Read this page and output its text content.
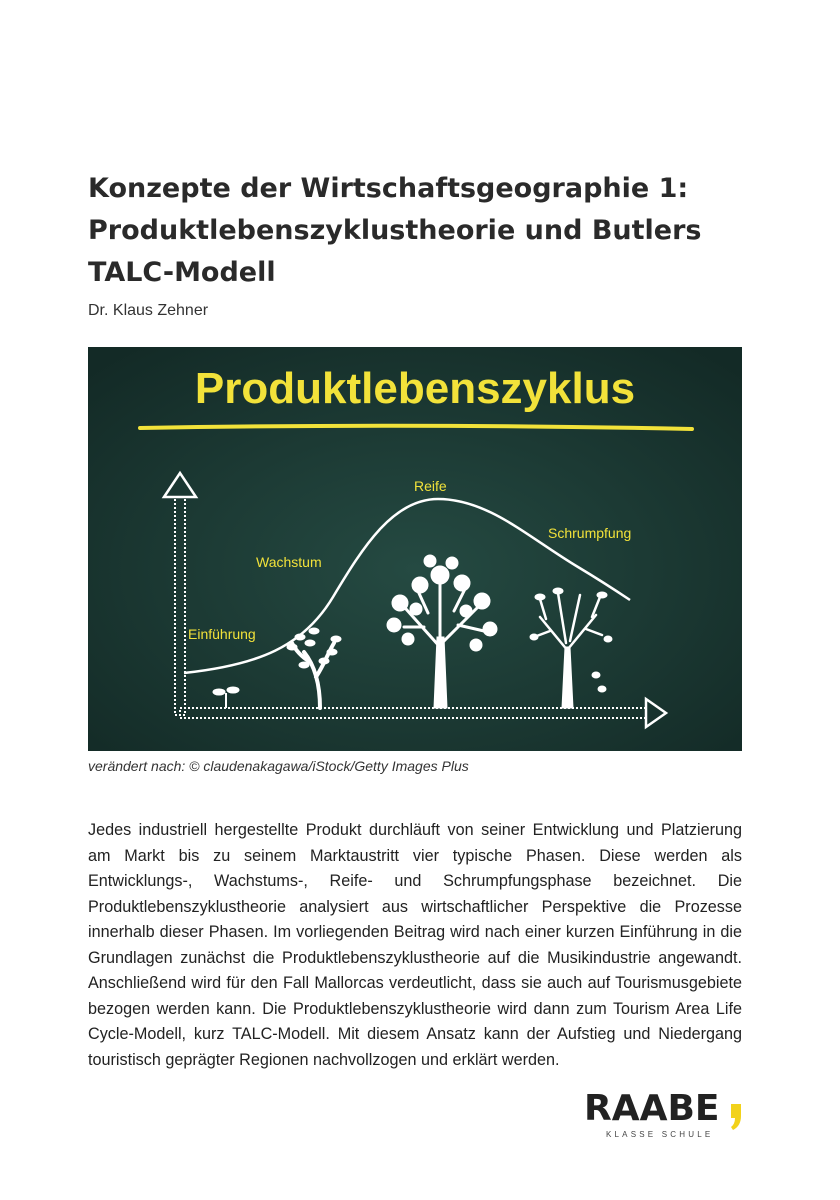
Konzepte der Wirtschaftsgeographie 1:
Produktlebenszyklustheorie und Butlers
TALC-Modell
Dr. Klaus Zehner
Produktlebenszyklus
Einführung
Wachstum
Reife
Schrumpfung
verändert nach: © claudenakagawa/iStock/Getty Images Plus

Jedes industriell hergestellte Produkt durchläuft von seiner Entwicklung und Platzierung am Markt bis zu seinem Marktaustritt vier typische Phasen. Diese werden als Entwicklungs-, Wachstums-, Reife- und Schrumpfungsphase bezeichnet. Die Produktlebenszyklustheorie analysiert aus wirtschaftlicher Perspektive die Prozesse innerhalb dieser Phasen. Im vorliegenden Beitrag wird nach einer kurzen Einführung in die Grundlagen zunächst die Produktlebenszyklustheorie auf die Musikindustrie angewandt. Anschließend wird für den Fall Mallorcas verdeutlicht, dass sie auch auf Tourismusgebiete bezogen werden kann. Die Produktlebenszyklustheorie wird dann zum Tourism Area Life Cycle-Modell, kurz TALC-Modell. Mit diesem Ansatz kann der Aufstieg und Niedergang touristisch geprägter Regionen nachvollzogen und erklärt werden.

RAABE
KLASSE SCHULE
